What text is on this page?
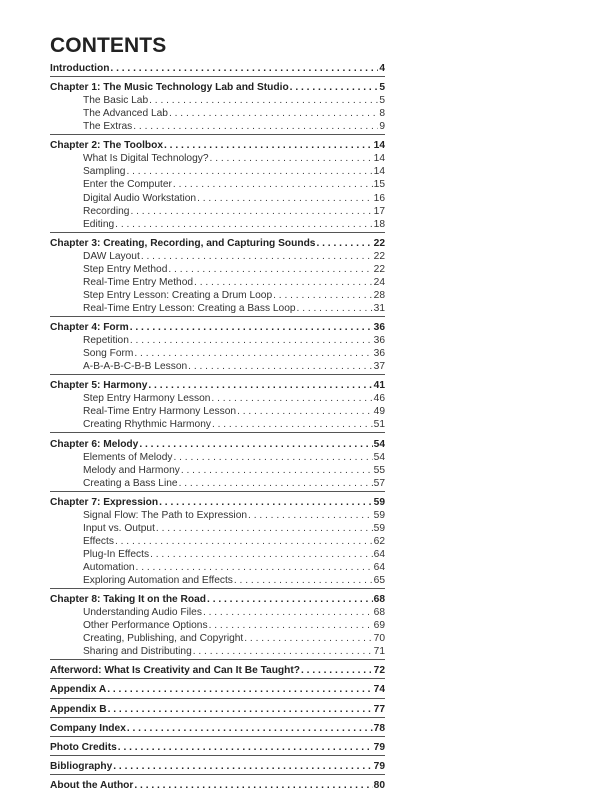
CONTENTS
Introduction . . .	4
Chapter 1: The Music Technology Lab and Studio . . .	5
The Basic Lab . . .	5
The Advanced Lab . . .	8
The Extras . . .	9
Chapter 2: The Toolbox . . .	14
What Is Digital Technology? . . .	14
Sampling . . .	14
Enter the Computer . . .	15
Digital Audio Workstation . . .	16
Recording . . .	17
Editing . . .	18
Chapter 3: Creating, Recording, and Capturing Sounds . . .	22
DAW Layout . . .	22
Step Entry Method . . .	22
Real-Time Entry Method . . .	24
Step Entry Lesson: Creating a Drum Loop . . .	28
Real-Time Entry Lesson: Creating a Bass Loop . . .	31
Chapter 4: Form . . .	36
Repetition . . .	36
Song Form . . .	36
A-B-A-B-C-B-B Lesson . . .	37
Chapter 5: Harmony . . .	41
Step Entry Harmony Lesson . . .	46
Real-Time Entry Harmony Lesson . . .	49
Creating Rhythmic Harmony . . .	51
Chapter 6: Melody . . .	54
Elements of Melody . . .	54
Melody and Harmony . . .	55
Creating a Bass Line . . .	57
Chapter 7: Expression . . .	59
Signal Flow: The Path to Expression . . .	59
Input vs. Output . . .	59
Effects . . .	62
Plug-In Effects . . .	64
Automation . . .	64
Exploring Automation and Effects . . .	65
Chapter 8: Taking It on the Road . . .	68
Understanding Audio Files . . .	68
Other Performance Options . . .	69
Creating, Publishing, and Copyright . . .	70
Sharing and Distributing . . .	71
Afterword: What Is Creativity and Can It Be Taught? . . .	72
Appendix A . . .	74
Appendix B . . .	77
Company Index . . .	78
Photo Credits . . .	79
Bibliography . . .	79
About the Author . . .	80
